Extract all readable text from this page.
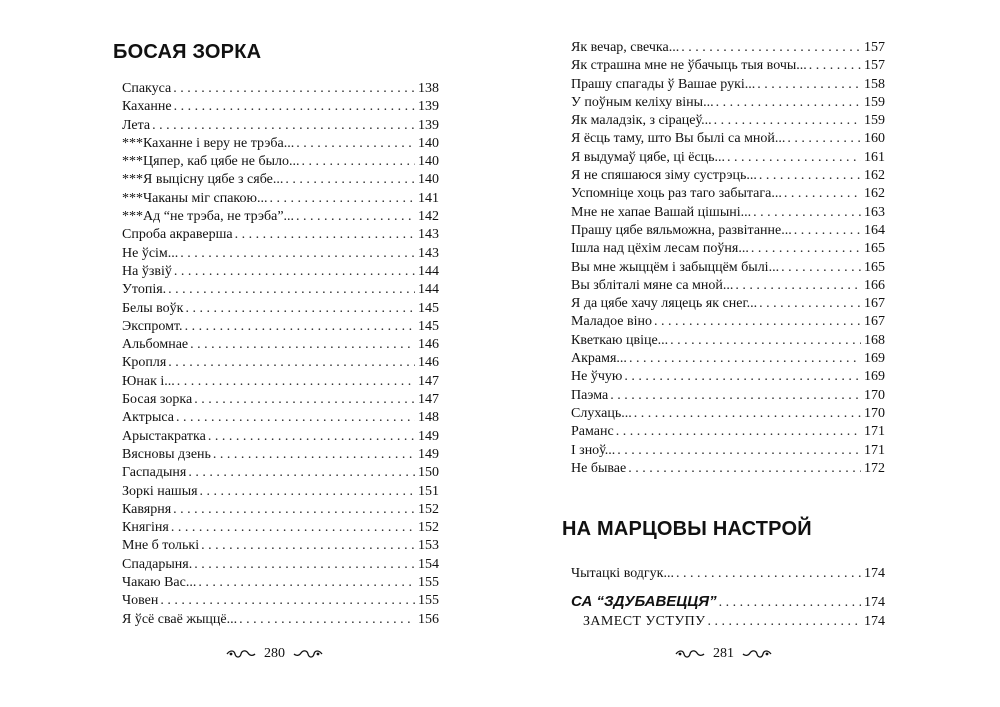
БОСАЯ ЗОРКА
Спакуса . . .	138
Каханне . . .	139
Лета . . .	139
***Каханне і веру не трэба... . . .	140
***Цяпер, каб цябе не было... . . .	140
***Я выцісну цябе з сябе... . . .	140
***Чаканы міг спакою... . . .	141
***Ад “не трэба, не трэба”... . . .	142
Спроба акраверша . . .	143
Не ўсім... . . .	143
На ўзвіў . . .	144
Утопія. . . .	144
Белы воўк . . .	145
Экспромт. . . .	145
Альбомнае . . .	146
Кропля . . .	146
Юнак і... . . .	147
Босая зорка . . .	147
Актрыса . . .	148
Арыстакратка . . .	149
Вясновы дзень . . .	149
Гаспадыня . . .	150
Зоркі нашыя . . .	151
Кавярня . . .	152
Княгіня . . .	152
Мне б толькі . . .	153
Спадарыня. . . .	154
Чакаю Вас... . . .	155
Човен . . .	155
Я ўсё сваё жыццё... . . .	156
280
Як вечар, свечка... . . .	157
Як страшна мне не ўбачыць тыя вочы... . . .	157
Прашу спагады ў Вашае рукі... . . .	158
У поўным келіху віны... . . .	159
Як маладзік, з сірацеў... . . .	159
Я ёсць таму, што Вы былі са мной... . . .	160
Я выдумаў цябе, ці ёсць... . . .	161
Я не спяшаюся зіму сустрэць... . . .	162
Успомніце хоць раз таго забытага... . . .	162
Мне не хапае Вашай цішыні... . . .	163
Прашу цябе вяльможна, развітанне... . . .	164
Ішла над цёхім лесам поўня... . . .	165
Вы мне жыццём і забыццём былі... . . .	165
Вы збліталі мяне са мной... . . .	166
Я да цябе хачу ляцець як снег... . . .	167
Маладое віно . . .	167
Кветкаю цвіце... . . .	168
Акрамя... . . .	169
Не ўчую . . .	169
Паэма . . .	170
Слухаць... . . .	170
Раманс . . .	171
І зноў... . . .	171
Не бывае . . .	172
НА МАРЦОВЫ НАСТРОЙ
Чытацкі водгук... . . .	174
СА “ЗДУБАВЕЦЦЯ” . . .	174
ЗАМЕСТ УСТУПУ . . .	174
281
